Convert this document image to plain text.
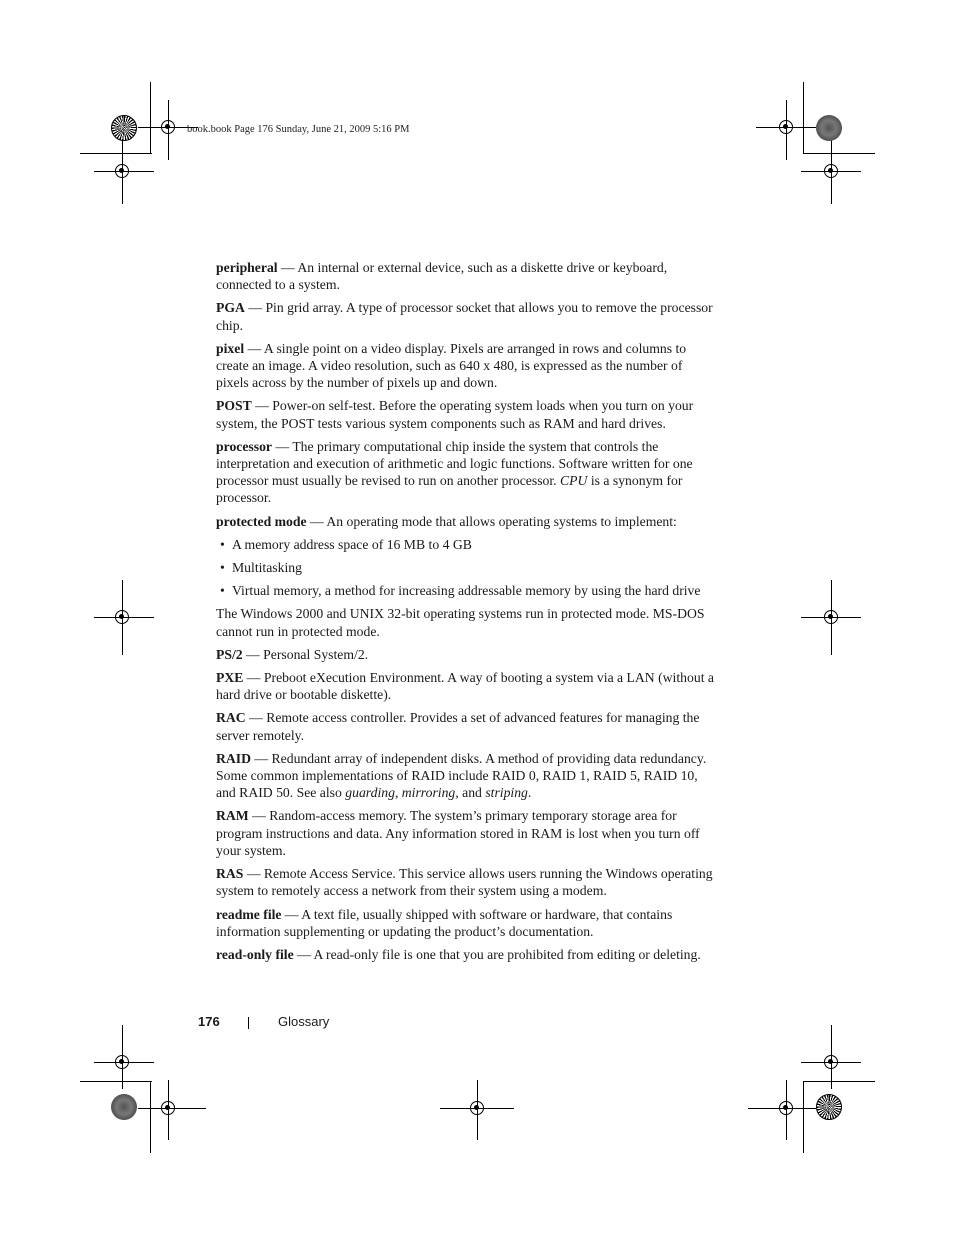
book.book Page 176 Sunday, June 21, 2009 5:16 PM

peripheral — An internal or external device, such as a diskette drive or keyboard, connected to a system.

PGA — Pin grid array. A type of processor socket that allows you to remove the processor chip.

pixel — A single point on a video display. Pixels are arranged in rows and columns to create an image. A video resolution, such as 640 x 480, is expressed as the number of pixels across by the number of pixels up and down.

POST — Power-on self-test. Before the operating system loads when you turn on your system, the POST tests various system components such as RAM and hard drives.

processor — The primary computational chip inside the system that controls the interpretation and execution of arithmetic and logic functions. Software written for one processor must usually be revised to run on another processor. CPU is a synonym for processor.

protected mode — An operating mode that allows operating systems to implement:

• A memory address space of 16 MB to 4 GB
• Multitasking
• Virtual memory, a method for increasing addressable memory by using the hard drive

The Windows 2000 and UNIX 32-bit operating systems run in protected mode. MS-DOS cannot run in protected mode.

PS/2 — Personal System/2.

PXE — Preboot eXecution Environment. A way of booting a system via a LAN (without a hard drive or bootable diskette).

RAC — Remote access controller. Provides a set of advanced features for managing the server remotely.

RAID — Redundant array of independent disks. A method of providing data redundancy. Some common implementations of RAID include RAID 0, RAID 1, RAID 5, RAID 10, and RAID 50. See also guarding, mirroring, and striping.

RAM — Random-access memory. The system’s primary temporary storage area for program instructions and data. Any information stored in RAM is lost when you turn off your system.

RAS — Remote Access Service. This service allows users running the Windows operating system to remotely access a network from their system using a modem.

readme file — A text file, usually shipped with software or hardware, that contains information supplementing or updating the product’s documentation.

read-only file — A read-only file is one that you are prohibited from editing or deleting.

176	Glossary
